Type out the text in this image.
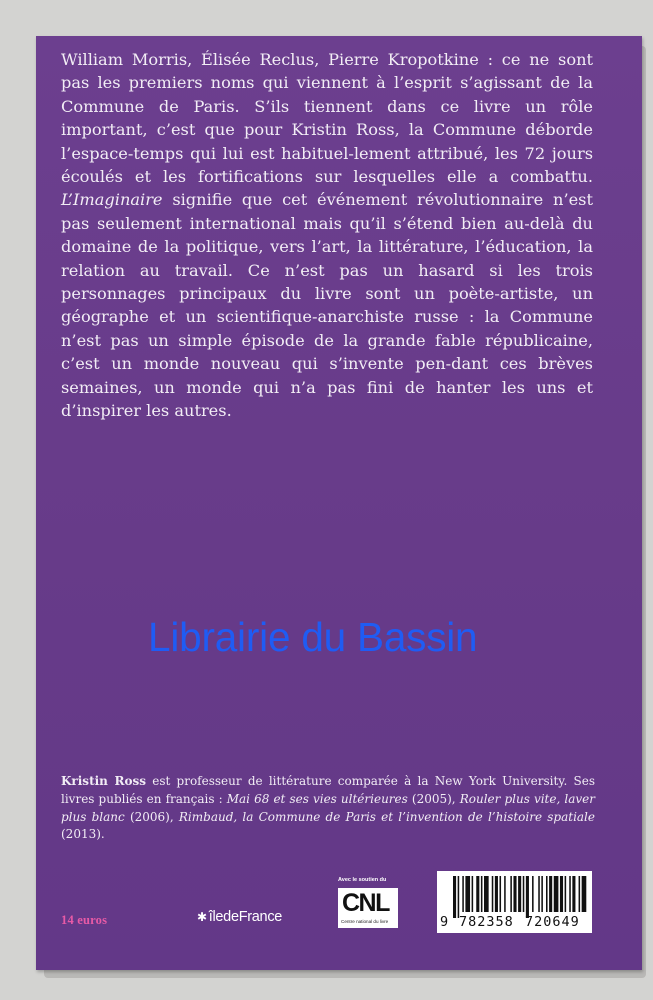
William Morris, Élisée Reclus, Pierre Kropotkine : ce ne sont pas les premiers noms qui viennent à l’esprit s’agissant de la Commune de Paris. S’ils tiennent dans ce livre un rôle important, c’est que pour Kristin Ross, la Commune déborde l’espace-temps qui lui est habituel-lement attribué, les 72 jours écoulés et les fortifications sur lesquelles elle a combattu. L’Imaginaire signifie que cet événement révolutionnaire n’est pas seulement international mais qu’il s’étend bien au-delà du domaine de la politique, vers l’art, la littérature, l’éducation, la relation au travail. Ce n’est pas un hasard si les trois personnages principaux du livre sont un poète-artiste, un géographe et un scientifique-anarchiste russe : la Commune n’est pas un simple épisode de la grande fable républicaine, c’est un monde nouveau qui s’invente pen-dant ces brèves semaines, un monde qui n’a pas fini de hanter les uns et d’inspirer les autres.

Librairie du Bassin

Kristin Ross est professeur de littérature comparée à la New York University. Ses livres publiés en français : Mai 68 et ses vies ultérieures (2005), Rouler plus vite, laver plus blanc (2006), Rimbaud, la Commune de Paris et l’invention de l’histoire spatiale (2013).

14 euros	✱ îledeFrance
Avec le soutien du
CNL
Centre national du livre	9 782358 720649
